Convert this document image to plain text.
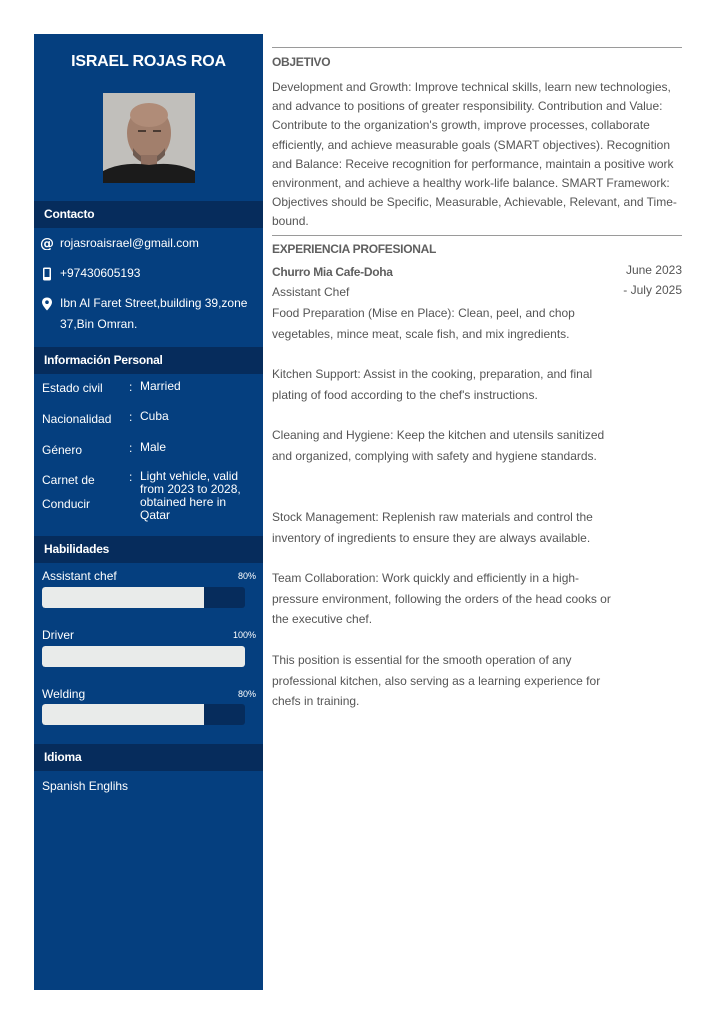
ISRAEL ROJAS ROA
Contacto
@ rojasroaisrael@gmail.com
+97430605193
Ibn Al Faret Street,building 39,zone 37,Bin Omran.
Información Personal
Estado civil	: Married
Nacionalidad	: Cuba
Género	: Male
Carnet de Conducir
: Light vehicle, valid from 2023 to 2028, obtained here in Qatar
Habilidades
Assistant chef	80%
Driver	100%
Welding	80%
Idioma
Spanish Englihs
OBJETIVO
Development and Growth: Improve technical skills, learn new technologies, and advance to positions of greater responsibility. Contribution and Value: Contribute to the organization's growth, improve processes, collaborate efficiently, and achieve measurable goals (SMART objectives). Recognition and Balance: Receive recognition for performance, maintain a positive work environment, and achieve a healthy work-life balance. SMART Framework: Objectives should be Specific, Measurable, Achievable, Relevant, and Time-bound.
EXPERIENCIA PROFESIONAL
Churro Mia Cafe-Doha
Assistant Chef
June 2023 - July 2025
Food Preparation (Mise en Place): Clean, peel, and chop vegetables, mince meat, scale fish, and mix ingredients.
Kitchen Support: Assist in the cooking, preparation, and final plating of food according to the chef's instructions.
Cleaning and Hygiene: Keep the kitchen and utensils sanitized and organized, complying with safety and hygiene standards.
Stock Management: Replenish raw materials and control the inventory of ingredients to ensure they are always available.
Team Collaboration: Work quickly and efficiently in a high-pressure environment, following the orders of the head cooks or the executive chef.
This position is essential for the smooth operation of any professional kitchen, also serving as a learning experience for chefs in training.
